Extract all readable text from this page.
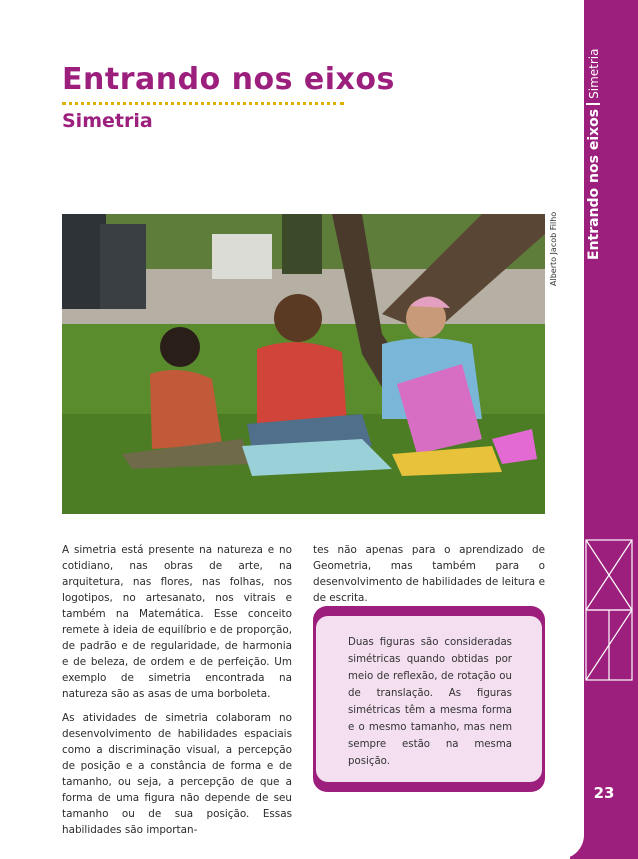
Entrando nos eixosSimetria
Entrando nos eixos
Simetria
Alberto Jacob Filho

A simetria está presente na natureza e no cotidiano, nas obras de arte, na arquitetura, nas flores, nas folhas, nos logotipos, no artesanato, nos vitrais e também na Matemática. Esse conceito remete à ideia de equilíbrio e de proporção, de padrão e de regularidade, de harmonia e de beleza, de ordem e de perfeição. Um exemplo de simetria encontrada na natureza são as asas de uma borboleta.

As atividades de simetria colaboram no desenvolvimento de habilidades espaciais como a discriminação visual, a percepção de posição e a constância de forma e de tamanho, ou seja, a percepção de que a forma de uma figura não depende de seu tamanho ou de sua posição. Essas habilidades são importan-

tes não apenas para o aprendizado de Geometria, mas também para o desenvolvimento de habilidades de leitura e de escrita.

Duas figuras são consideradas simétricas quando obtidas por meio de reflexão, de rotação ou de translação. As figuras simétricas têm a mesma forma e o mesmo tamanho, mas nem sempre estão na mesma posição.
23
